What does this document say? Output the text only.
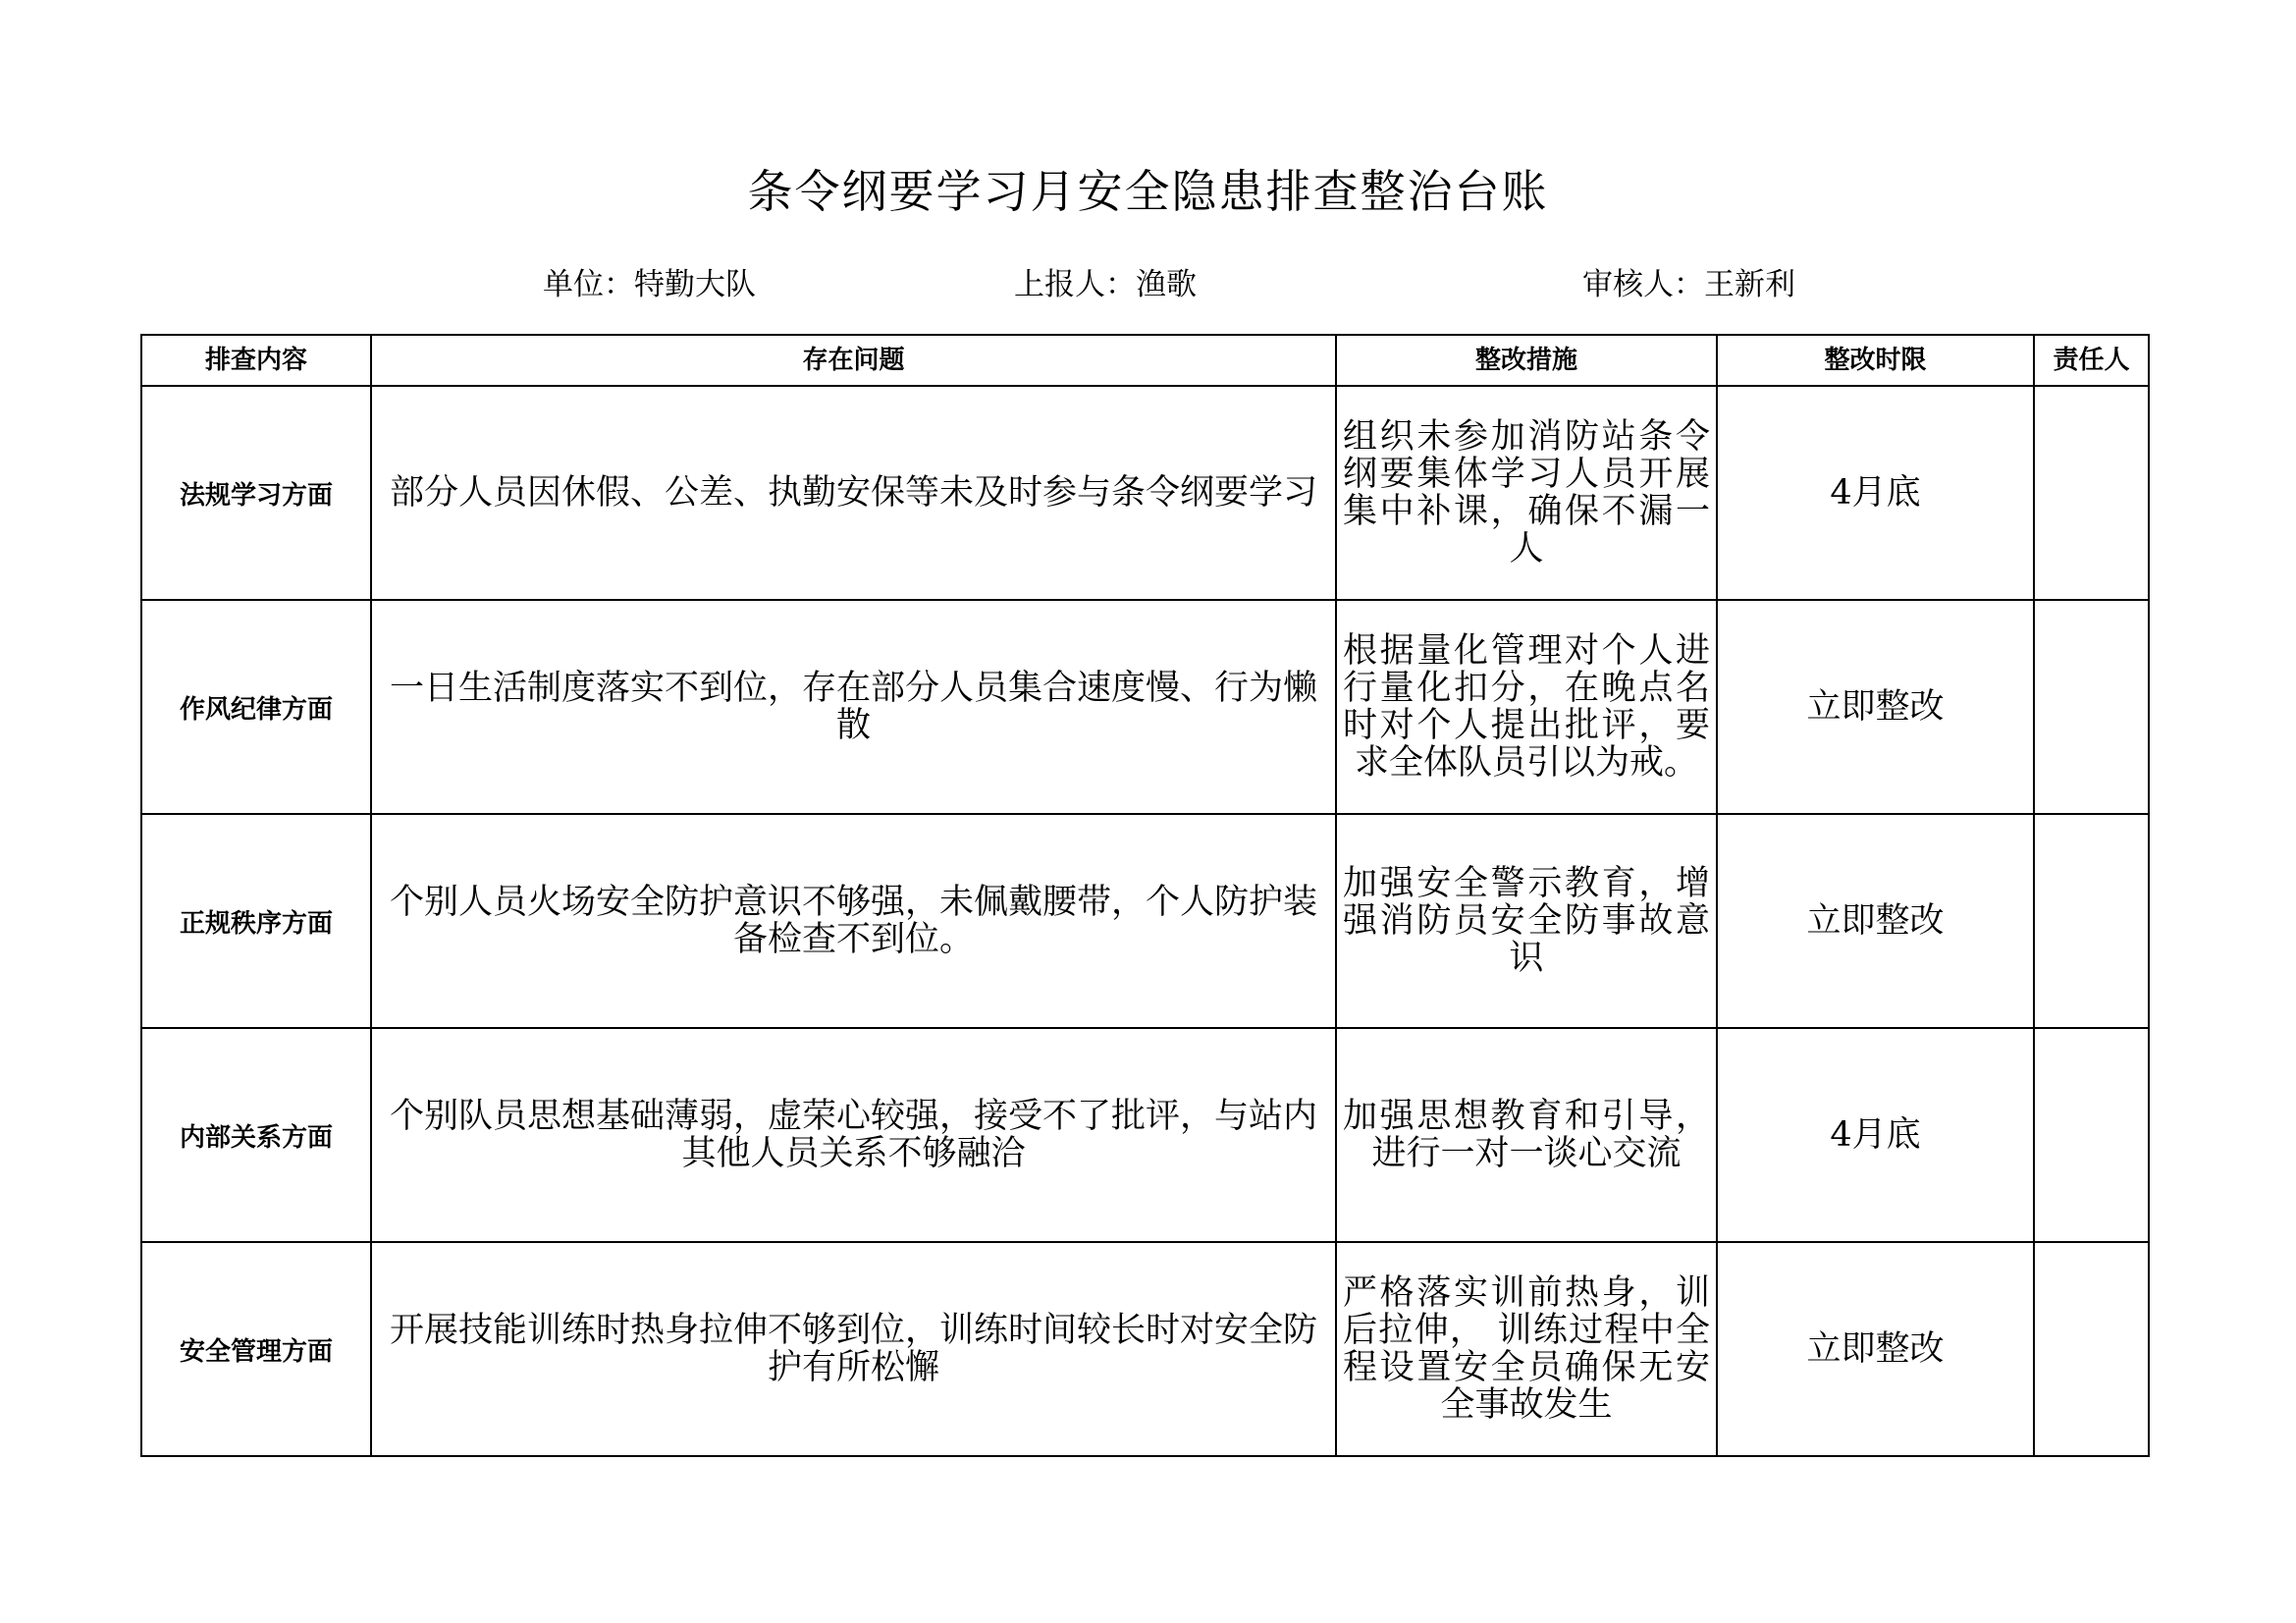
条令纲要学习月安全隐患排查整治台账
单位：特勤大队	上报人：渔歌	审核人：王新利
排查内容	存在问题	整改措施	整改时限	责任人
法规学习方面	部分人员因休假、公差、执勤安保等未及时参与条令纲要学习	组织未参加消防站条令纲要集体学习人员开展集中补课，确保不漏一人	4月底	
作风纪律方面	一日生活制度落实不到位，存在部分人员集合速度慢、行为懒散	根据量化管理对个人进行量化扣分，在晚点名时对个人提出批评，要求全体队员引以为戒。	立即整改	
正规秩序方面	个别人员火场安全防护意识不够强，未佩戴腰带，个人防护装备检查不到位。	加强安全警示教育，增强消防员安全防事故意识	立即整改	
内部关系方面	个别队员思想基础薄弱，虚荣心较强，接受不了批评，与站内其他人员关系不够融洽	加强思想教育和引导，进行一对一谈心交流	4月底	
安全管理方面	开展技能训练时热身拉伸不够到位，训练时间较长时对安全防护有所松懈	严格落实训前热身，训后拉伸， 训练过程中全程设置安全员确保无安全事故发生	立即整改	
